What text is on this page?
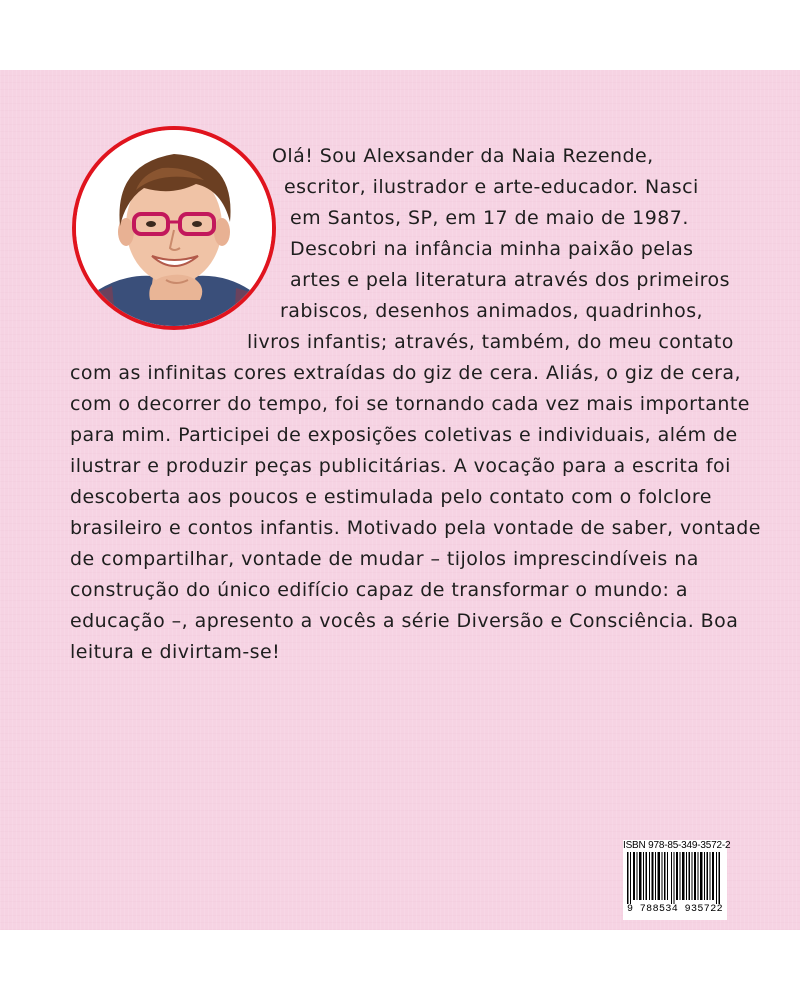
Olá! Sou Alexsander da Naia Rezende,

escritor, ilustrador e arte-educador. Nasci

em Santos, SP, em 17 de maio de 1987.

Descobri na infância minha paixão pelas

artes e pela literatura através dos primeiros

rabiscos, desenhos animados, quadrinhos,

livros infantis; através, também, do meu contato

com as infinitas cores extraídas do giz de cera. Aliás, o giz de cera,

com o decorrer do tempo, foi se tornando cada vez mais importante

para mim. Participei de exposições coletivas e individuais, além de

ilustrar e produzir peças publicitárias. A vocação para a escrita foi

descoberta aos poucos e estimulada pelo contato com o folclore

brasileiro e contos infantis. Motivado pela vontade de saber, vontade

de compartilhar, vontade de mudar – tijolos imprescindíveis na

construção do único edifício capaz de transformar o mundo: a

educação –, apresento a vocês a série Diversão e Consciência. Boa

leitura e divirtam-se!

ISBN 978-85-349-3572-2
9 788534 935722
